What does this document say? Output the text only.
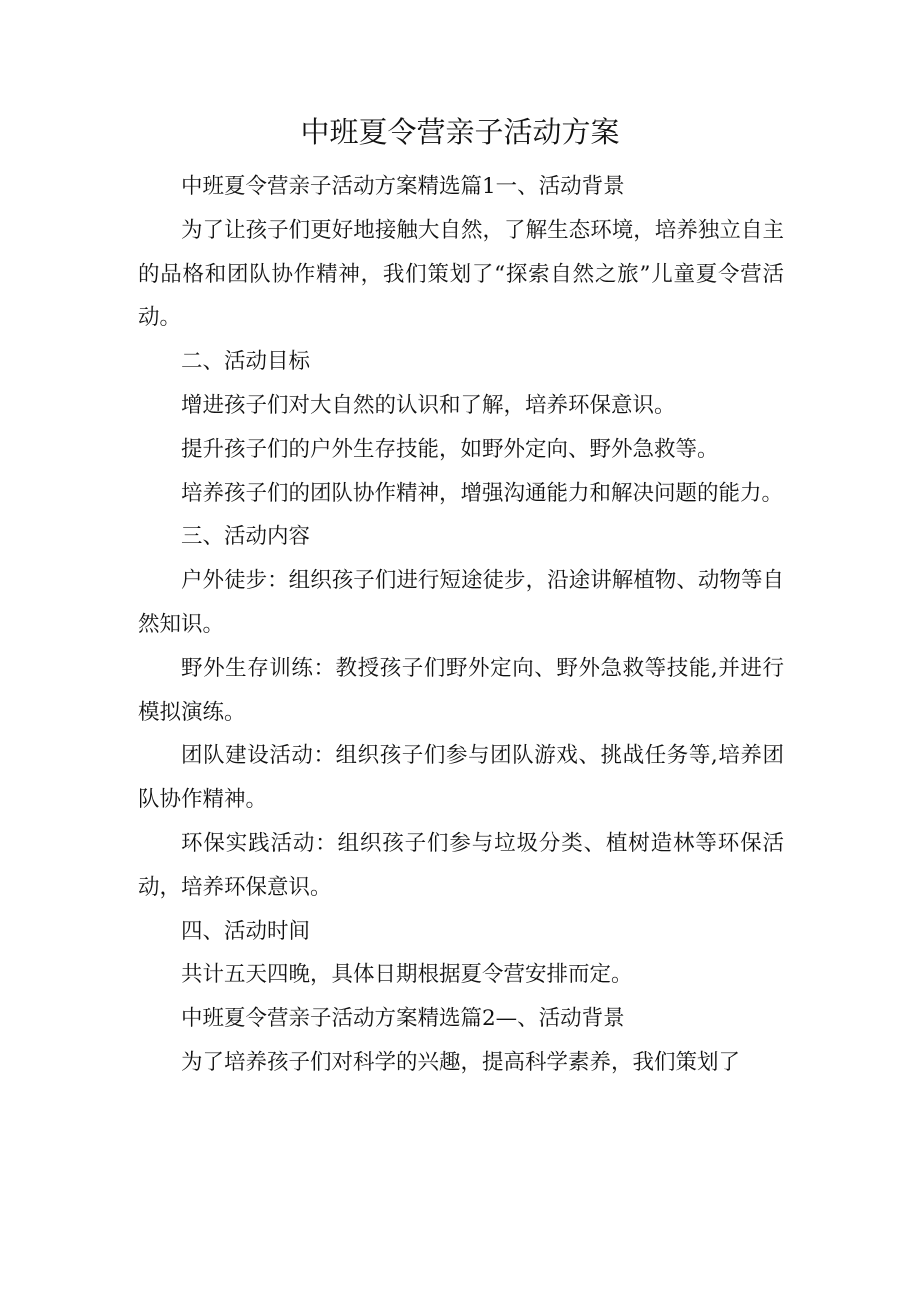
中班夏令营亲子活动方案

中班夏令营亲子活动方案精选篇1一、活动背景

为了让孩子们更好地接触大自然，了解生态环境，培养独立自主的品格和团队协作精神，我们策划了“探索自然之旅”儿童夏令营活动。

二、活动目标

增进孩子们对大自然的认识和了解，培养环保意识。

提升孩子们的户外生存技能，如野外定向、野外急救等。

培养孩子们的团队协作精神，增强沟通能力和解决问题的能力。

三、活动内容

户外徒步：组织孩子们进行短途徒步，沿途讲解植物、动物等自然知识。

野外生存训练：教授孩子们野外定向、野外急救等技能,并进行模拟演练。

团队建设活动：组织孩子们参与团队游戏、挑战任务等,培养团队协作精神。

环保实践活动：组织孩子们参与垃圾分类、植树造林等环保活动，培养环保意识。

四、活动时间

共计五天四晚，具体日期根据夏令营安排而定。

中班夏令营亲子活动方案精选篇2—、活动背景

为了培养孩子们对科学的兴趣，提高科学素养，我们策划了
